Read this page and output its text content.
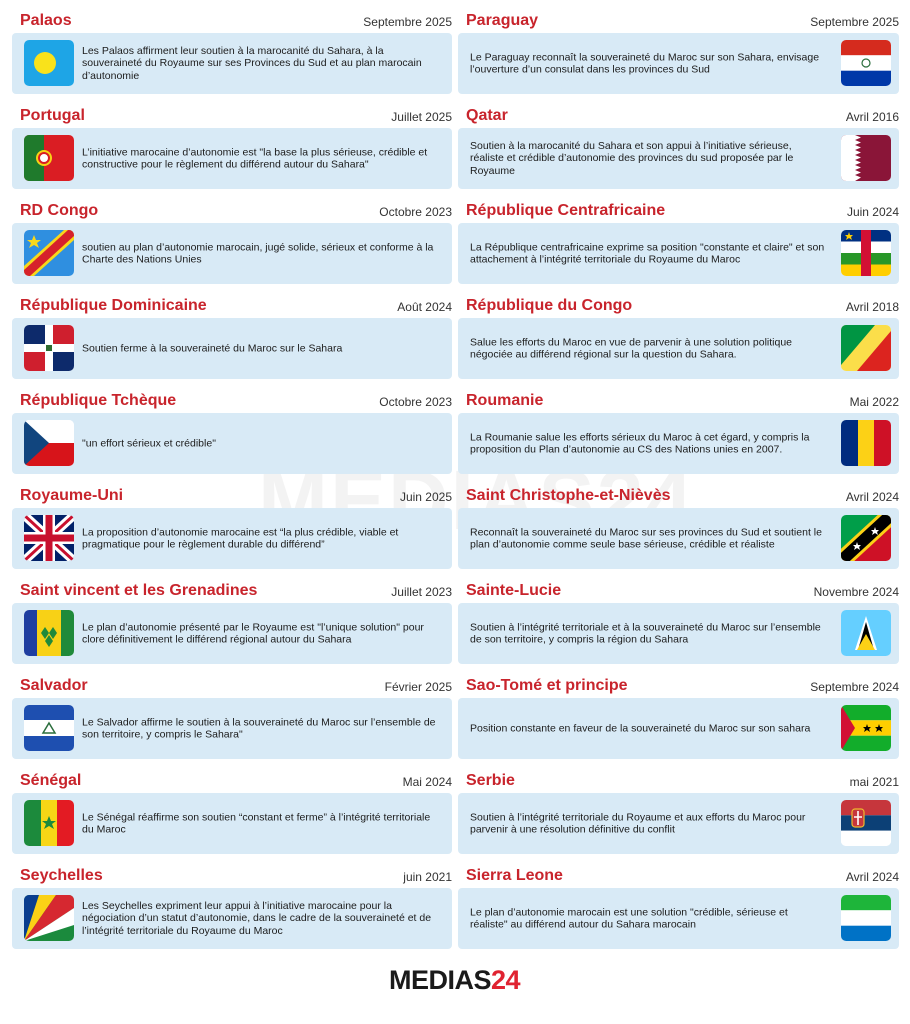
Palaos	Septembre 2025
Les Palaos affirment leur soutien à la marocanité du Sahara, à la souveraineté du Royaume sur ses Provinces du Sud et au plan marocain d’autonomie
Portugal	Juillet 2025
L’initiative marocaine d’autonomie est "la base la plus sérieuse, crédible et constructive pour le règlement du différend autour du Sahara"
RD Congo	Octobre 2023
soutien au plan d’autonomie marocain, jugé solide, sérieux et conforme à la Charte des Nations Unies
République Dominicaine	Août 2024
Soutien ferme à la souveraineté du Maroc sur le Sahara
République Tchèque	Octobre 2023
"un effort sérieux et crédible"
Royaume-Uni	Juin 2025
La proposition d’autonomie marocaine est “la plus crédible, viable et pragmatique pour le règlement durable du différend”
Saint vincent et les Grenadines	Juillet 2023
Le plan d’autonomie présenté par le Royaume est "l’unique solution" pour clore définitivement le différend régional autour du Sahara
Salvador	Février 2025
Le Salvador affirme le soutien à la souveraineté du Maroc sur l’ensemble de son territoire, y compris le Sahara"
Sénégal	Mai 2024
Le Sénégal réaffirme son soutien “constant et ferme” à l’intégrité territoriale du Maroc
Seychelles	juin 2021
Les Seychelles expriment leur appui à l’initiative marocaine pour la négociation d’un statut d’autonomie, dans le cadre de la souveraineté et de l’intégrité territoriale du Royaume du Maroc
Paraguay	Septembre 2025
Le Paraguay reconnaît la souveraineté du Maroc sur son Sahara, envisage l’ouverture d’un consulat dans les provinces du Sud
Qatar	Avril 2016
Soutien à la marocanité du Sahara et son appui à l’initiative sérieuse, réaliste et crédible d’autonomie des provinces du sud proposée par le Royaume
République Centrafricaine	Juin 2024
La République centrafricaine exprime sa position "constante et claire" et son attachement à l’intégrité territoriale du Royaume du Maroc
République du Congo	Avril 2018
Salue les efforts du Maroc en vue de parvenir à une solution politique négociée au différend régional sur la question du Sahara.
Roumanie	Mai 2022
La Roumanie salue les efforts sérieux du Maroc à cet égard, y compris la proposition du Plan d’autonomie au CS des Nations unies en 2007.
Saint Christophe-et-Nièvès	Avril 2024
Reconnaît la souveraineté du Maroc sur ses provinces du Sud et soutient le plan d’autonomie comme seule base sérieuse, crédible et réaliste
Sainte-Lucie	Novembre 2024
Soutien à l’intégrité territoriale et à la souveraineté du Maroc sur l’ensemble de son territoire, y compris la région du Sahara
Sao-Tomé et principe	Septembre 2024
Position constante en faveur de la souveraineté du Maroc sur son sahara
Serbie	mai 2021
Soutien à l’intégrité territoriale du Royaume et aux efforts du Maroc pour parvenir à une résolution définitive du conflit
Sierra Leone	Avril 2024
Le plan d’autonomie marocain est une solution "crédible, sérieuse et réaliste" au différend autour du Sahara marocain
MEDIAS24
